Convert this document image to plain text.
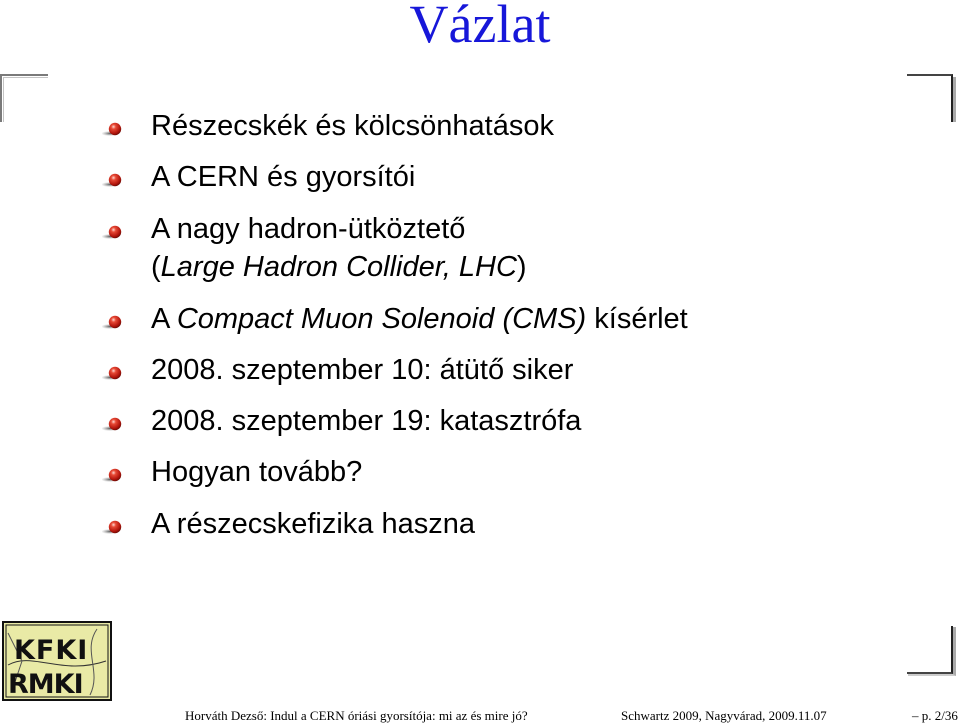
Vázlat
Részecskék és kölcsönhatások
A CERN és gyorsítói
A nagy hadron-ütköztető
(Large Hadron Collider, LHC)
A Compact Muon Solenoid (CMS) kísérlet
2008. szeptember 10: átütő siker
2008. szeptember 19: katasztrófa
Hogyan tovább?
A részecskefizika haszna
KFKI
RMKI
Horváth Dezső: Indul a CERN óriási gyorsítója: mi az és mire jó?	Schwartz 2009, Nagyvárad, 2009.11.07	– p. 2/36
